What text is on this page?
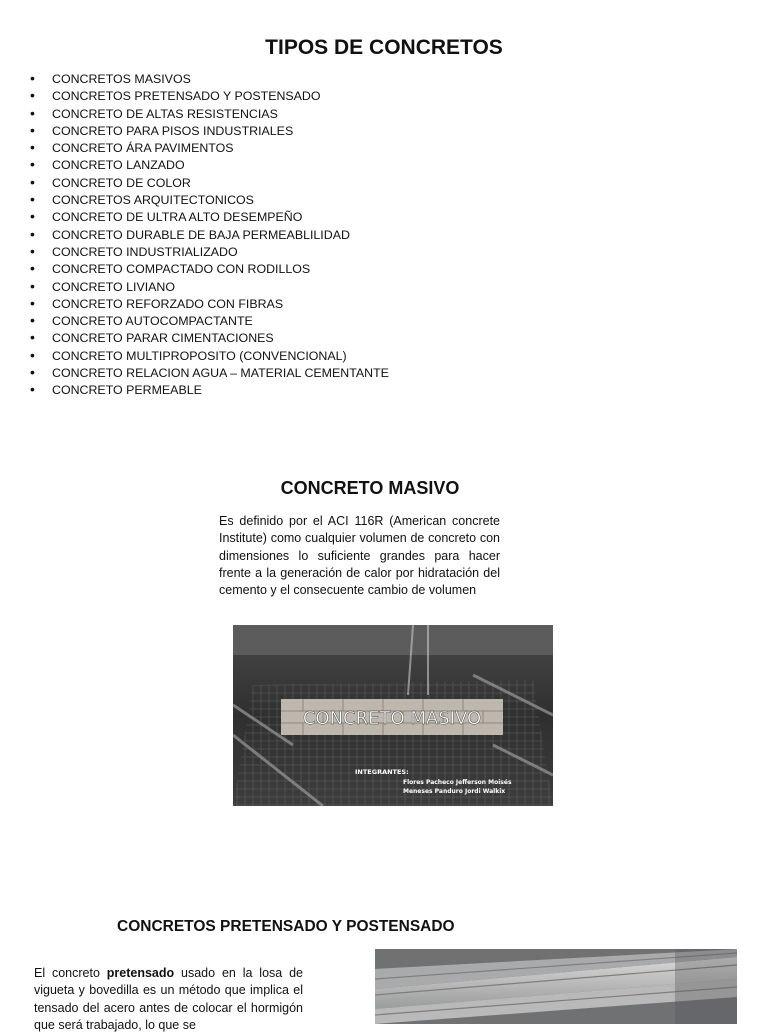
TIPOS DE CONCRETOS
• CONCRETOS MASIVOS
• CONCRETOS PRETENSADO Y POSTENSADO
• CONCRETO DE ALTAS RESISTENCIAS
• CONCRETO PARA PISOS INDUSTRIALES
• CONCRETO ÁRA PAVIMENTOS
• CONCRETO LANZADO
• CONCRETO DE COLOR
• CONCRETOS ARQUITECTONICOS
• CONCRETO DE ULTRA ALTO DESEMPEÑO
• CONCRETO DURABLE DE BAJA PERMEABLILIDAD
• CONCRETO INDUSTRIALIZADO
• CONCRETO COMPACTADO CON RODILLOS
• CONCRETO LIVIANO
• CONCRETO REFORZADO CON FIBRAS
• CONCRETO AUTOCOMPACTANTE
• CONCRETO PARAR CIMENTACIONES
• CONCRETO MULTIPROPOSITO (CONVENCIONAL)
• CONCRETO RELACION AGUA – MATERIAL CEMENTANTE
• CONCRETO PERMEABLE
CONCRETO MASIVO
Es definido por el ACI 116R (American concrete Institute) como cualquier volumen de concreto con dimensiones lo suficiente grandes para hacer frente a la generación de calor por hidratación del cemento y el consecuente cambio de volumen
CONCRETO MASIVO
INTEGRANTES:
Flores Pacheco Jefferson Moisés
Meneses Panduro Jordi Walkix
CONCRETOS PRETENSADO Y POSTENSADO
El concreto pretensado usado en la losa de vigueta y bovedilla es un método que implica el tensado del acero antes de colocar el hormigón que será trabajado, lo que se
